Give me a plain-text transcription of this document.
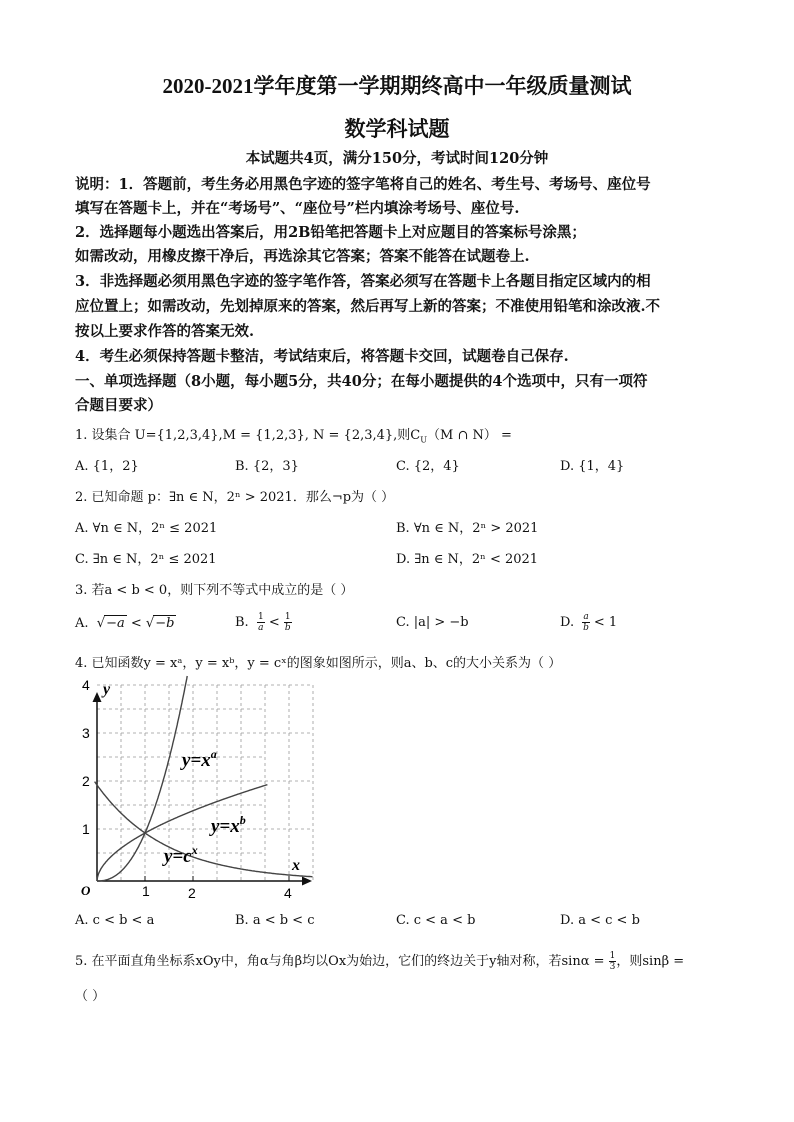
2020-2021学年度第一学期期终高中一年级质量测试
数学科试题
本试题共4页，满分150分，考试时间120分钟
说明：1．答题前，考生务必用黑色字迹的签字笔将自己的姓名、考生号、考场号、座位号
填写在答题卡上，并在“考场号”、“座位号”栏内填涂考场号、座位号.
2．选择题每小题选出答案后，用2B铅笔把答题卡上对应题目的答案标号涂黑；
如需改动，用橡皮擦干净后，再选涂其它答案；答案不能答在试题卷上.
3．非选择题必须用黑色字迹的签字笔作答，答案必须写在答题卡上各题目指定区域内的相
应位置上；如需改动，先划掉原来的答案，然后再写上新的答案；不准使用铅笔和涂改液.不
按以上要求作答的答案无效.
4．考生必须保持答题卡整洁，考试结束后，将答题卡交回，试题卷自己保存.
一、单项选择题（8小题，每小题5分，共40分；在每小题提供的4个选项中，只有一项符
合题目要求）
1. 设集合 U={1,2,3,4},M = {1,2,3}, N = {2,3,4},则$C_U(M$ ∩ N） =
A. {1，2}	B. {2，3}	C. {2，4}	D. {1，4}
2. 已知命题 p：∃n ∈ N，2ⁿ > 2021．那么¬p为（ ）
A. ∀n ∈ N，2ⁿ ≤ 2021	B. ∀n ∈ N，2ⁿ > 2021
C. ∃n ∈ N，2ⁿ ≤ 2021	D. ∃n ∈ N，2ⁿ < 2021
3. 若a < b < 0，则下列不等式中成立的是（ ）
A.  √−a < √−b	B. $\frac{1}{a} < \frac{1}{b}$	C. |a| > −b	D. $\frac{a}{b} < 1$
4. 已知函数y = xᵃ，y = xᵇ，y = cˣ的图象如图所示，则a、b、c的大小关系为（ ）
y
x
O
1
2
3
4
1	2	4
$y=x^a$
$y=x^b$
$y=c^x$
A. c < b < a	B. a < b < c	C. c < a < b	D. a < c < b
5. 在平面直角坐标系xOy中，角α与角β均以Ox为始边，它们的终边关于y轴对称，若$\sin\alpha = \frac{1}{3}$ ，则sinβ =
（ ）
